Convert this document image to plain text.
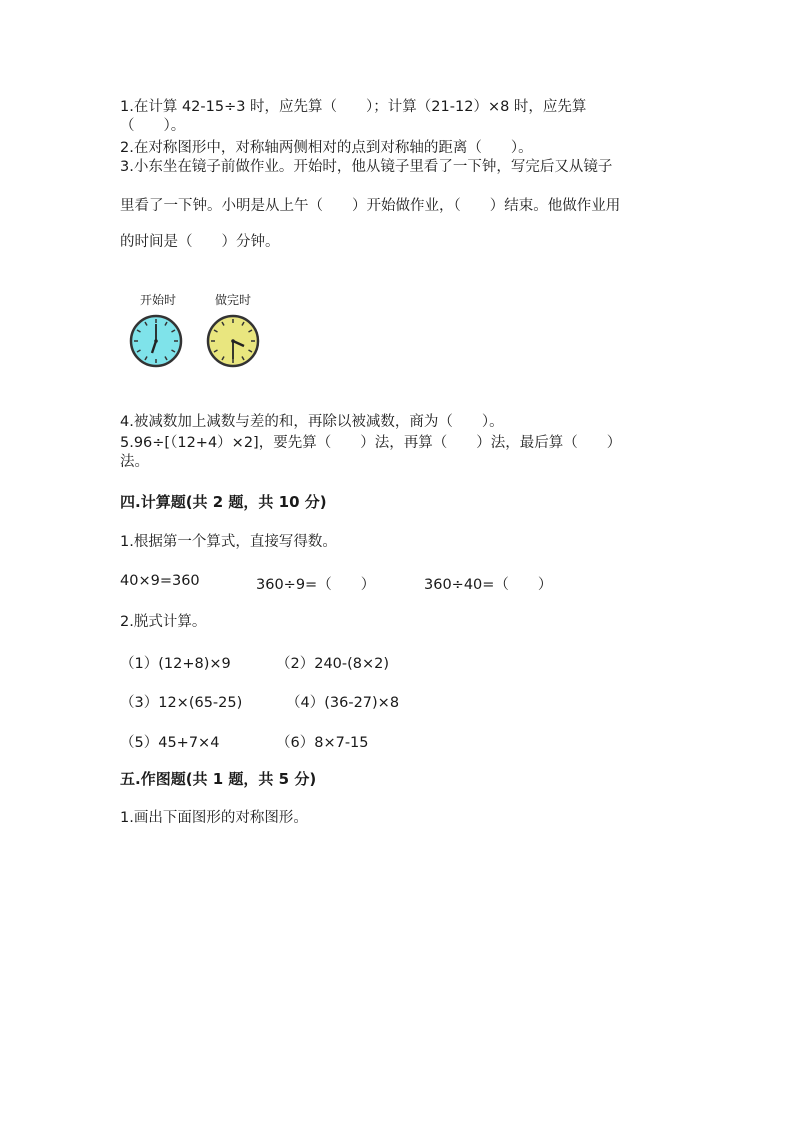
1.在计算 42-15÷3 时，应先算（　　）；计算（21-12）×8 时，应先算
（　　）。
2.在对称图形中，对称轴两侧相对的点到对称轴的距离（　　）。
3.小东坐在镜子前做作业。开始时，他从镜子里看了一下钟，写完后又从镜子
里看了一下钟。小明是从上午（　　）开始做作业，（　　）结束。他做作业用
的时间是（　　）分钟。
开始时	做完时
4.被减数加上减数与差的和，再除以被减数，商为（　　）。
5.96÷[（12+4）×2]，要先算（　　）法，再算（　　）法，最后算（　　）
法。
四.计算题(共 2 题，共 10 分)
1.根据第一个算式，直接写得数。
40×9=360	360÷9=（　　）	360÷40=（　　）
2.脱式计算。
（1）(12+8)×9	（2）240-(8×2)
（3）12×(65-25)	（4）(36-27)×8
（5）45+7×4	（6）8×7-15
五.作图题(共 1 题，共 5 分)
1.画出下面图形的对称图形。
